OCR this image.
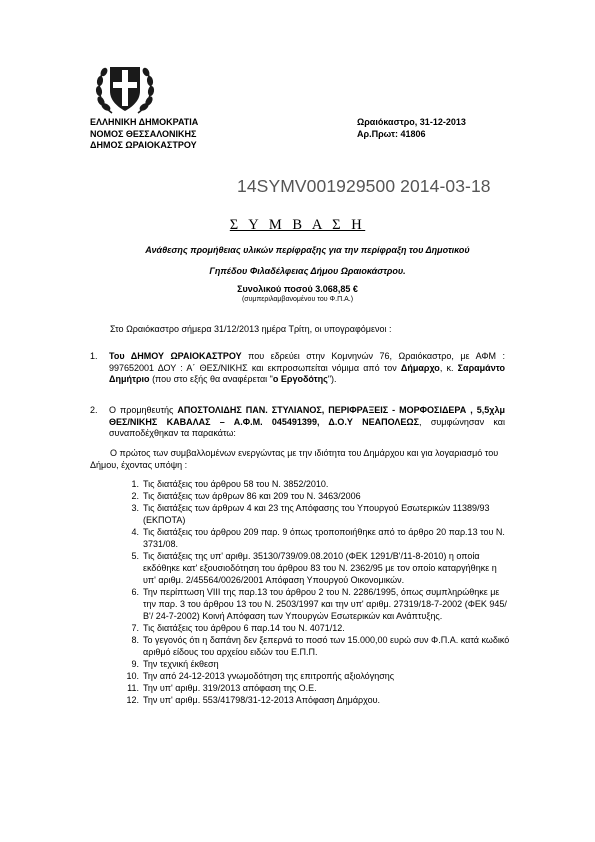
ΕΛΛΗΝΙΚΗ ΔΗΜΟΚΡΑΤΙΑ
ΝΟΜΟΣ ΘΕΣΣΑΛΟΝΙΚΗΣ
ΔΗΜΟΣ ΩΡΑΙΟΚΑΣΤΡΟΥ
Ωραιόκαστρο, 31-12-2013
Αρ.Πρωτ: 41806
14SYMV001929500 2014-03-18
Σ Υ Μ Β Α Σ Η
Ανάθεσης προμήθειας υλικών περίφραξης για την περίφραξη του Δημοτικού
Γηπέδου Φιλαδέλφειας Δήμου Ωραιοκάστρου.
Συνολικού ποσού 3.068,85 €
(συμπεριλαμβανομένου του Φ.Π.Α.)
Στο Ωραιόκαστρο σήμερα 31/12/2013 ημέρα Τρίτη, οι υπογραφόμενοι :
1. Του ΔΗΜΟΥ ΩΡΑΙΟΚΑΣΤΡΟΥ που εδρεύει στην Κομνηνών 76, Ωραιόκαστρο, με ΑΦΜ : 997652001 ΔΟΥ : Α΄ ΘΕΣ/ΝΙΚΗΣ και εκπροσωπείται νόμιμα από τον Δήμαρχο, κ. Σαραμάντο Δημήτριο (που στο εξής θα αναφέρεται "ο Εργοδότης").
2. Ο προμηθευτής ΑΠΟΣΤΟΛΙΔΗΣ ΠΑΝ. ΣΤΥΛΙΑΝΟΣ, ΠΕΡΙΦΡΑΞΕΙΣ - ΜΟΡΦΟΣΙΔΕΡΑ , 5,5χλμ ΘΕΣ/ΝΙΚΗΣ ΚΑΒΑΛΑΣ – Α.Φ.Μ. 045491399, Δ.Ο.Υ ΝΕΑΠΟΛΕΩΣ, συμφώνησαν και συναποδέχθηκαν τα παρακάτω:
Ο πρώτος των συμβαλλομένων ενεργώντας με την ιδιότητα του Δημάρχου και για λογαριασμό του Δήμου, έχοντας υπόψη :
1. Τις διατάξεις του άρθρου 58 του Ν. 3852/2010.
2. Τις διατάξεις των άρθρων 86 και 209 του Ν. 3463/2006
3. Τις διατάξεις των άρθρων 4 και 23 της Απόφασης του Υπουργού Εσωτερικών 11389/93 (ΕΚΠΟΤΑ)
4. Τις διατάξεις του άρθρου 209 παρ. 9 όπως τροποποιήθηκε από το άρθρο 20 παρ.13 του Ν. 3731/08.
5. Τις διατάξεις της υπ' αριθμ. 35130/739/09.08.2010 (ΦΕΚ 1291/Β'/11-8-2010) η οποία εκδόθηκε κατ' εξουσιοδότηση του άρθρου 83 του Ν. 2362/95 με τον οποίο καταργήθηκε η υπ' αριθμ. 2/45564/0026/2001 Απόφαση Υπουργού Οικονομικών.
6. Την περίπτωση VIII της παρ.13 του άρθρου 2 του Ν. 2286/1995, όπως συμπληρώθηκε με την παρ. 3 του άρθρου 13 του Ν. 2503/1997 και την υπ' αριθμ. 27319/18-7-2002 (ΦΕΚ 945/Β'/ 24-7-2002) Κοινή Απόφαση των Υπουργών Εσωτερικών και Ανάπτυξης.
7. Τις διατάξεις του άρθρου 6 παρ.14 του Ν. 4071/12.
8. Το γεγονός ότι η δαπάνη δεν ξεπερνά το ποσό των 15.000,00 ευρώ συν Φ.Π.Α. κατά κωδικό αριθμό είδους του αρχείου ειδών του Ε.Π.Π.
9. Την τεχνική έκθεση
10. Την από 24-12-2013 γνωμοδότηση της επιτροπής αξιολόγησης
11. Την υπ' αριθμ. 319/2013 απόφαση της Ο.Ε.
12. Την υπ' αριθμ. 553/41798/31-12-2013 Απόφαση Δημάρχου.
